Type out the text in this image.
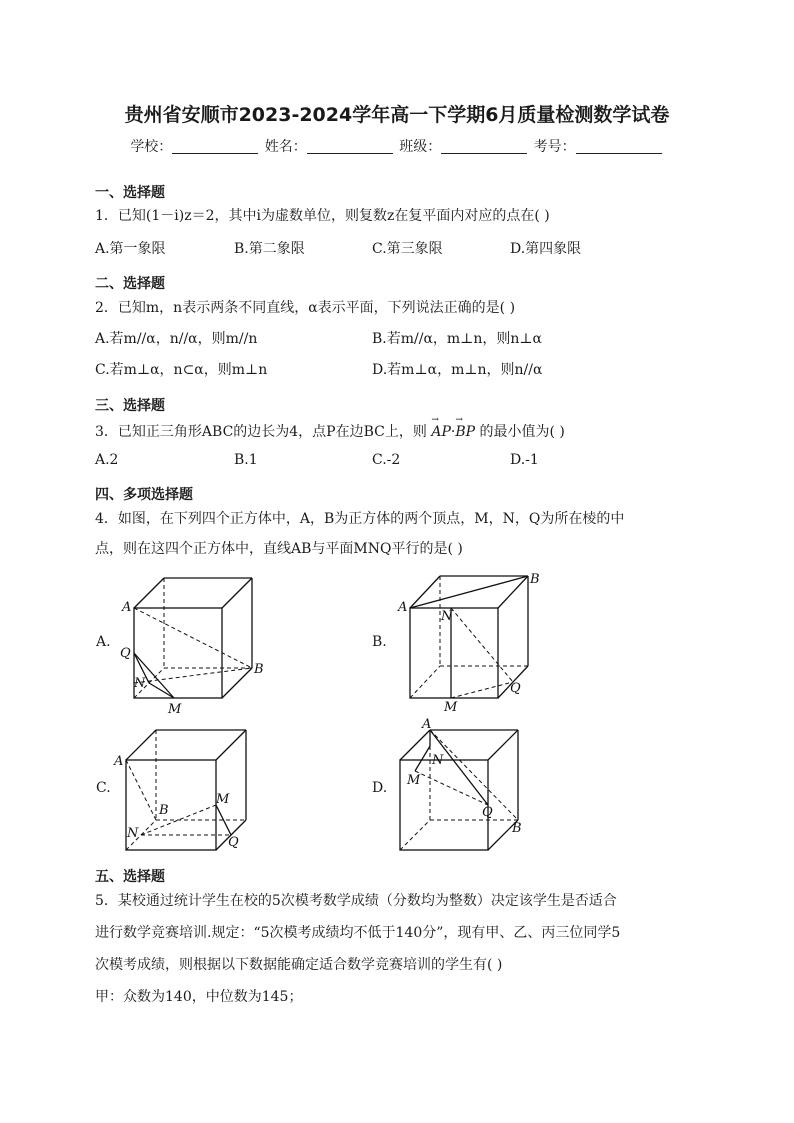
贵州省安顺市2023-2024学年高一下学期6月质量检测数学试卷
学校：	姓名：	班级：	考号：
一、选择题
1．已知(1－i)z＝2，其中i为虚数单位，则复数z在复平面内对应的点在( )
A.第一象限	B.第二象限	C.第三象限	D.第四象限
二、选择题
2．已知m，n表示两条不同直线，α表示平面，下列说法正确的是( )
A.若m//α，n//α，则m//n	B.若m//α，m⊥n，则n⊥α
C.若m⊥α，n⊂α，则m⊥n	D.若m⊥α，m⊥n，则n//α
三、选择题
3．已知正三角形ABC的边长为4，点P在边BC上，则 → AP·→ BP 的最小值为( )
A.2	B.1	C.-2	D.-1
四、多项选择题
4．如图，在下列四个正方体中，A，B为正方体的两个顶点，M，N，Q为所在棱的中
点，则在这四个正方体中，直线AB与平面MNQ平行的是( )
A.
A
Q
N
M
B
B.
A
B
N
Q
M
C.
A
B
M
N
Q
D.
A
N
M
Q
B
五、选择题
5．某校通过统计学生在校的5次模考数学成绩（分数均为整数）决定该学生是否适合
进行数学竞赛培训.规定：“5次模考成绩均不低于140分”，现有甲、乙、丙三位同学5
次模考成绩，则根据以下数据能确定适合数学竞赛培训的学生有( )
甲：众数为140，中位数为145；
